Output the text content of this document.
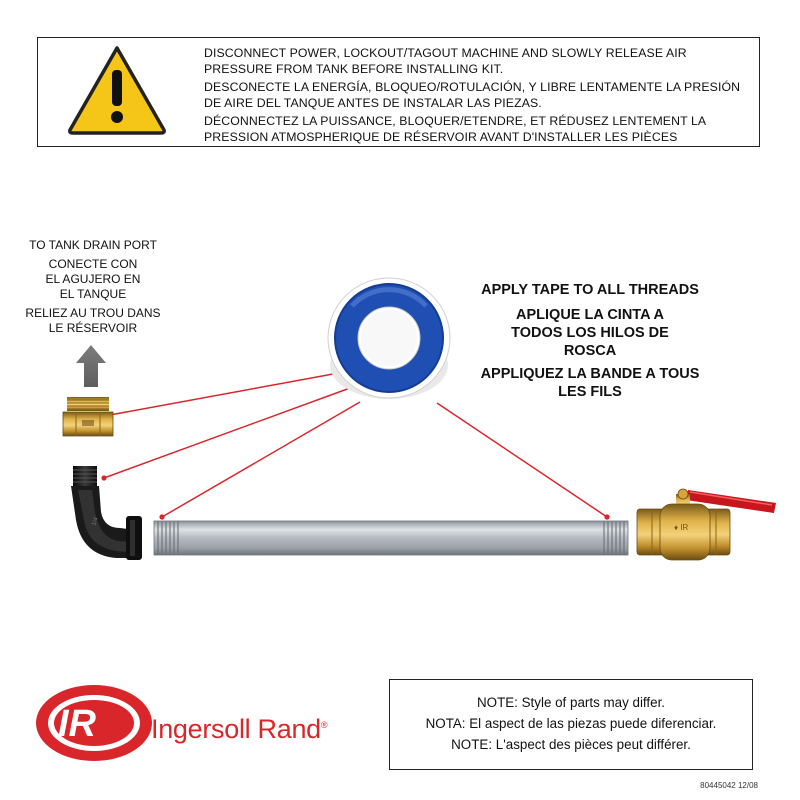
DISCONNECT POWER, LOCKOUT/TAGOUT MACHINE AND SLOWLY RELEASE AIR PRESSURE FROM TANK BEFORE INSTALLING KIT.

DESCONECTE LA ENERGÍA, BLOQUEO/ROTULACIÓN, Y LIBRE LENTAMENTE LA PRESIÓN DE AIRE DEL TANQUE ANTES DE INSTALAR LAS PIEZAS.

DÉCONNECTEZ LA PUISSANCE, BLOQUER/ETENDRE, ET RÉDUSEZ LENTEMENT LA PRESSION ATMOSPHERIQUE DE RÉSERVOIR AVANT D'INSTALLER LES PIÈCES

1/4
♦ IR

TO TANK DRAIN PORT

CONECTE CON EL AGUJERO EN EL TANQUE

RELIEZ AU TROU DANS LE RÉSERVOIR

APPLY TAPE TO ALL THREADS

APLIQUE LA CINTA A TODOS LOS HILOS DE ROSCA

APPLIQUEZ LA BANDE A TOUS LES FILS

IR Ingersoll Rand®

NOTE: Style of parts may differ.

NOTA: El aspect de las piezas puede diferenciar.

NOTE: L'aspect des pièces peut différer.

80445042 12/08
